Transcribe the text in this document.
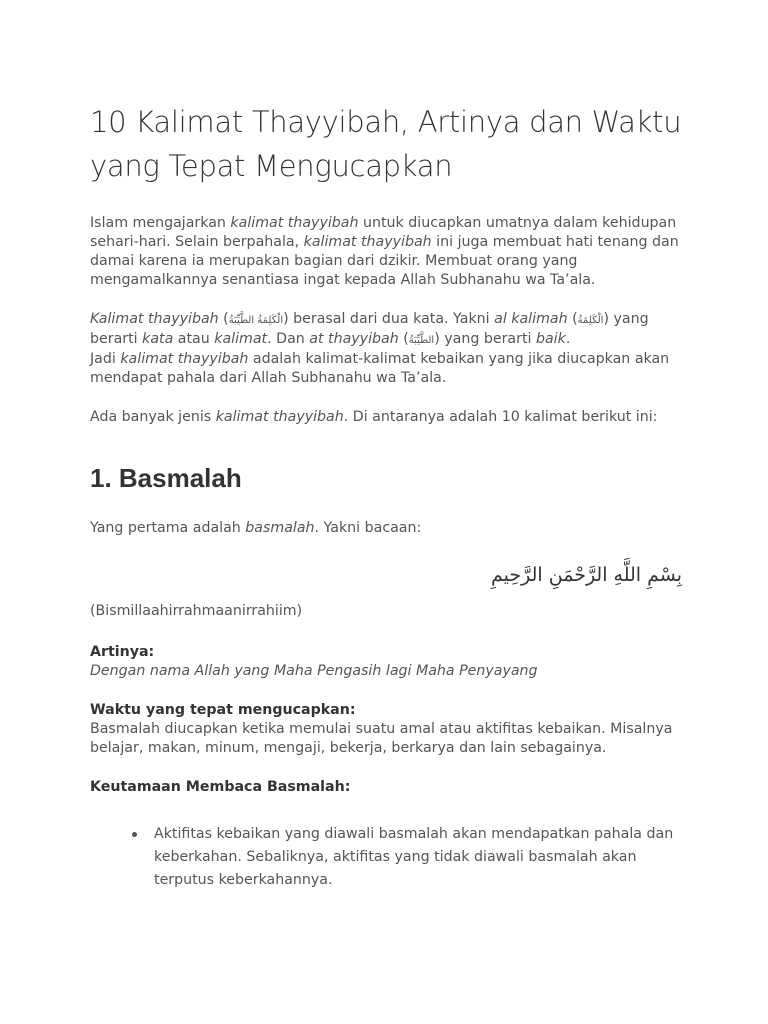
10 Kalimat Thayyibah, Artinya dan Waktu yang Tepat Mengucapkan

Islam mengajarkan kalimat thayyibah untuk diucapkan umatnya dalam kehidupan sehari-hari. Selain berpahala, kalimat thayyibah ini juga membuat hati tenang dan damai karena ia merupakan bagian dari dzikir. Membuat orang yang mengamalkannya senantiasa ingat kepada Allah Subhanahu wa Ta’ala.

Kalimat thayyibah (الْكَلِمَةُ الطَّيِّبَةُ) berasal dari dua kata. Yakni al kalimah (الْكَلِمَةُ) yang berarti kata atau kalimat. Dan at thayyibah (الطَّيِّبَةُ) yang berarti baik.
Jadi kalimat thayyibah adalah kalimat-kalimat kebaikan yang jika diucapkan akan mendapat pahala dari Allah Subhanahu wa Ta’ala.

Ada banyak jenis kalimat thayyibah. Di antaranya adalah 10 kalimat berikut ini:

1. Basmalah

Yang pertama adalah basmalah. Yakni bacaan:

بِسْمِ اللَّهِ الرَّحْمَنِ الرَّحِيمِ

(Bismillaahirrahmaanirrahiim)

Artinya:
Dengan nama Allah yang Maha Pengasih lagi Maha Penyayang

Waktu yang tepat mengucapkan:
Basmalah diucapkan ketika memulai suatu amal atau aktifitas kebaikan. Misalnya belajar, makan, minum, mengaji, bekerja, berkarya dan lain sebagainya.

Keutamaan Membaca Basmalah:

Aktifitas kebaikan yang diawali basmalah akan mendapatkan pahala dan keberkahan. Sebaliknya, aktifitas yang tidak diawali basmalah akan terputus keberkahannya.
